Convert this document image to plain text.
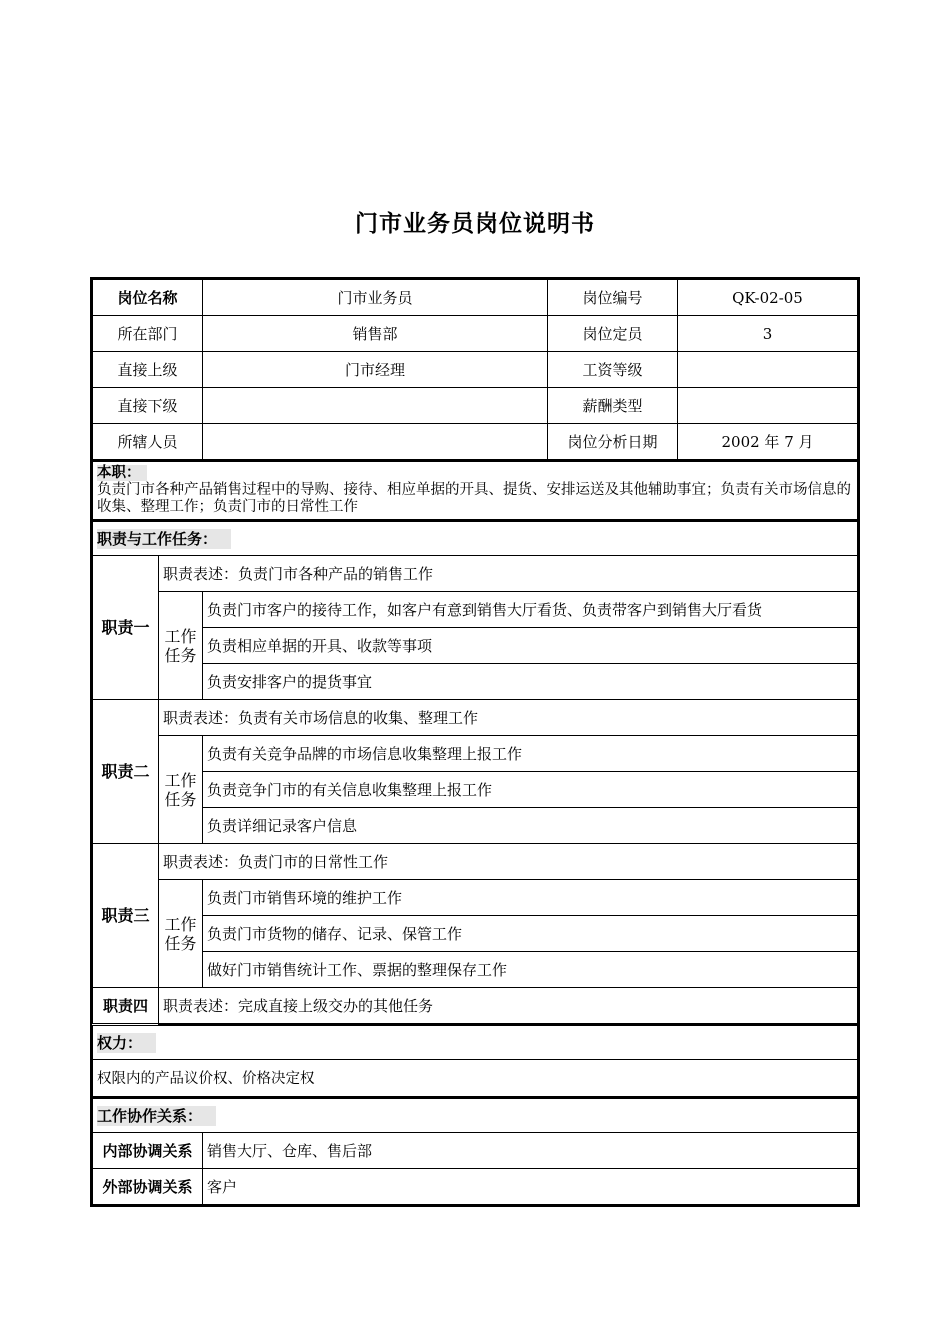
门市业务员岗位说明书
岗位名称	门市业务员	岗位编号	QK-02-05
所在部门	销售部	岗位定员	3
直接上级	门市经理	工资等级	
直接下级		薪酬类型	
所辖人员		岗位分析日期	2002 年 7 月
本职：
负责门市各种产品销售过程中的导购、接待、相应单据的开具、提货、安排运送及其他辅助事宜；负责有关市场信息的收集、整理工作；负责门市的日常性工作
职责与工作任务：		
职责一	职责表述：负责门市各种产品的销售工作	
	工作任务	负责门市客户的接待工作，如客户有意到销售大厅看货、负责带客户到销售大厅看货
		负责相应单据的开具、收款等事项
		负责安排客户的提货事宜
职责二	职责表述：负责有关市场信息的收集、整理工作	
	工作任务	负责有关竞争品牌的市场信息收集整理上报工作
		负责竞争门市的有关信息收集整理上报工作
		负责详细记录客户信息
职责三	职责表述：负责门市的日常性工作	
	工作任务	负责门市销售环境的维护工作
		负责门市货物的储存、记录、保管工作
		做好门市销售统计工作、票据的整理保存工作
职责四	职责表述：完成直接上级交办的其他任务	
权力：
权限内的产品议价权、价格决定权
工作协作关系：	
内部协调关系	销售大厅、仓库、售后部
外部协调关系	客户
